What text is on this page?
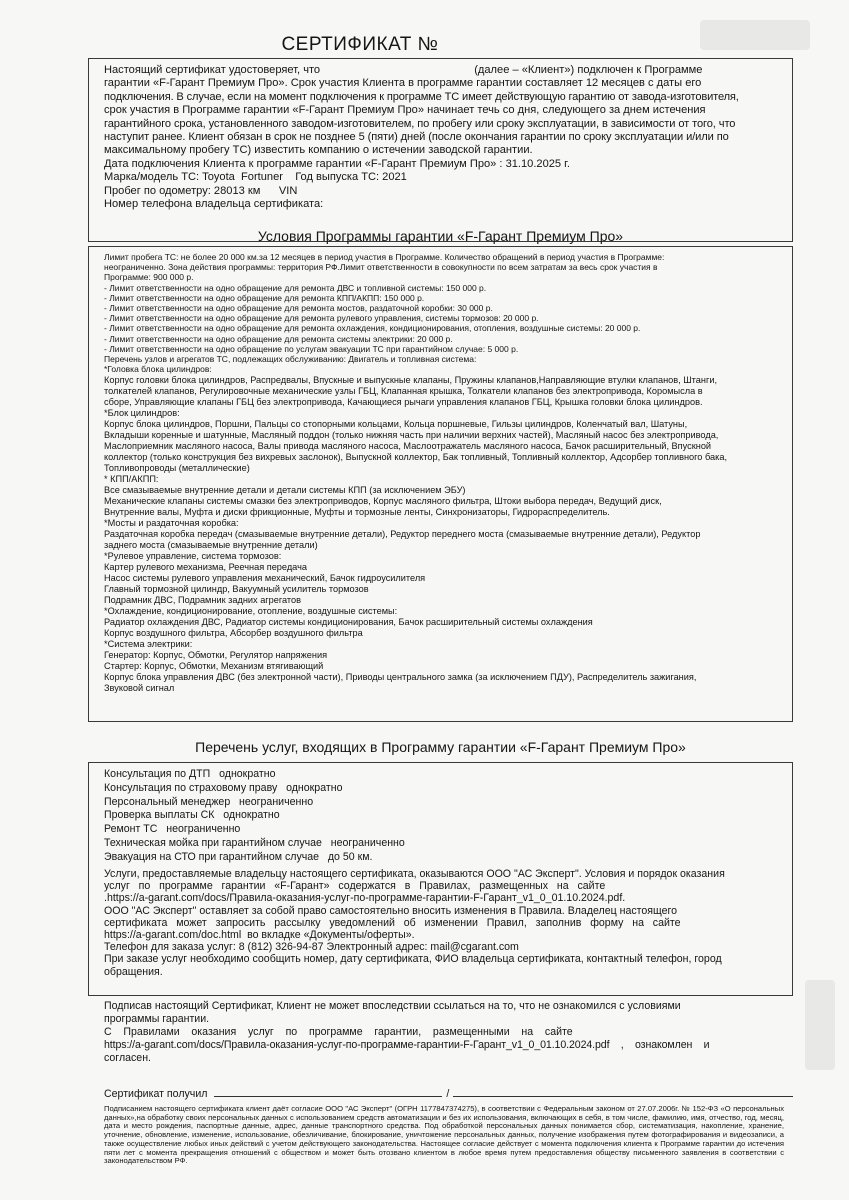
СЕРТИФИКАТ №
Настоящий сертификат удостоверяет, что                                                  (далее – «Клиент») подключен к Программе
гарантии «F-Гарант Премиум Про». Срок участия Клиента в программе гарантии составляет 12 месяцев с даты его
подключения. В случае, если на момент подключения к программе ТС имеет действующую гарантию от завода-изготовителя,
срок участия в Программе гарантии «F-Гарант Премиум Про» начинает течь со дня, следующего за днем истечения
гарантийного срока, установленного заводом-изготовителем, по пробегу или сроку эксплуатации, в зависимости от того, что
наступит ранее. Клиент обязан в срок не позднее 5 (пяти) дней (после окончания гарантии по сроку эксплуатации и/или по
максимальному пробегу ТС) известить компанию о истечении заводской гарантии.
Дата подключения Клиента к программе гарантии «F-Гарант Премиум Про» : 31.10.2025 г.
Марка/модель ТС: Toyota  Fortuner    Год выпуска ТС: 2021
Пробег по одометру: 28013 км      VIN
Номер телефона владельца сертификата:
Условия Программы гарантии «F-Гарант Премиум Про»
Лимит пробега ТС: не более 20 000 км.за 12 месяцев в период участия в Программе. Количество обращений в период участия в Программе:
неограниченно. Зона действия программы: территория РФ.Лимит ответственности в совокупности по всем затратам за весь срок участия в
Программе: 900 000 р.
- Лимит ответственности на одно обращение для ремонта ДВС и топливной системы: 150 000 р.
- Лимит ответственности на одно обращение для ремонта КПП/АКПП: 150 000 р.
- Лимит ответственности на одно обращение для ремонта мостов, раздаточной коробки: 30 000 р.
- Лимит ответственности на одно обращение для ремонта рулевого управления, системы тормозов: 20 000 р.
- Лимит ответственности на одно обращение для ремонта охлаждения, кондиционирования, отопления, воздушные системы: 20 000 р.
- Лимит ответственности на одно обращение для ремонта системы электрики: 20 000 р.
- Лимит ответственности на одно обращение по услугам эвакуации ТС при гарантийном случае: 5 000 р.
Перечень узлов и агрегатов ТС, подлежащих обслуживанию: Двигатель и топливная система:
*Головка блока цилиндров:
Корпус головки блока цилиндров, Распредвалы, Впускные и выпускные клапаны, Пружины клапанов,Направляющие втулки клапанов, Штанги,
толкателей клапанов, Регулировочные механические узлы ГБЦ, Клапанная крышка, Толкатели клапанов без электропривода, Коромысла в
сборе, Управляющие клапаны ГБЦ без электропривода, Качающиеся рычаги управления клапанов ГБЦ, Крышка головки блока цилиндров.
*Блок цилиндров:
Корпус блока цилиндров, Поршни, Пальцы со стопорными кольцами, Кольца поршневые, Гильзы цилиндров, Коленчатый вал, Шатуны,
Вкладыши коренные и шатунные, Масляный поддон (только нижняя часть при наличии верхних частей), Масляный насос без электропривода,
Маслоприемник масляного насоса, Валы привода масляного насоса, Маслоотражатель масляного насоса, Бачок расширительный, Впускной
коллектор (только конструкция без вихревых заслонок), Выпускной коллектор, Бак топливный, Топливный коллектор, Адсорбер топливного бака,
Топливопроводы (металлические)
* КПП/АКПП:
Все смазываемые внутренние детали и детали системы КПП (за исключением ЭБУ)
Механические клапаны системы смазки без электроприводов, Корпус масляного фильтра, Штоки выбора передач, Ведущий диск,
Внутренние валы, Муфта и диски фрикционные, Муфты и тормозные ленты, Синхронизаторы, Гидрораспределитель.
*Мосты и раздаточная коробка:
Раздаточная коробка передач (смазываемые внутренние детали), Редуктор переднего моста (смазываемые внутренние детали), Редуктор
заднего моста (смазываемые внутренние детали)
*Рулевое управление, система тормозов:
Картер рулевого механизма, Реечная передача
Насос системы рулевого управления механический, Бачок гидроусилителя
Главный тормозной цилиндр, Вакуумный усилитель тормозов
Подрамник ДВС, Подрамник задних агрегатов
*Охлаждение, кондиционирование, отопление, воздушные системы:
Радиатор охлаждения ДВС, Радиатор системы кондиционирования, Бачок расширительный системы охлаждения
Корпус воздушного фильтра, Абсорбер воздушного фильтра
*Система электрики:
Генератор: Корпус, Обмотки, Регулятор напряжения
Стартер: Корпус, Обмотки, Механизм втягивающий
Корпус блока управления ДВС (без электронной части), Приводы центрального замка (за исключением ПДУ), Распределитель зажигания,
Звуковой сигнал
Перечень услуг, входящих в Программу гарантии «F-Гарант Премиум Про»
Консультация по ДТП   однократно
Консультация по страховому праву   однократно
Персональный менеджер   неограниченно
Проверка выплаты СК   однократно
Ремонт ТС   неограниченно
Техническая мойка при гарантийном случае   неограниченно
Эвакуация на СТО при гарантийном случае   до 50 км.
Услуги, предоставляемые владельцу настоящего сертификата, оказываются ООО "АС Эксперт". Условия и порядок оказания
услуг   по   программе   гарантии   «F-Гарант»   содержатся   в   Правилах,   размещенных   на   сайте
.https://a-garant.com/docs/Правила-оказания-услуг-по-программе-гарантии-F-Гарант_v1_0_01.10.2024.pdf.
ООО "АС Эксперт" оставляет за собой право самостоятельно вносить изменения в Правила. Владелец настоящего
сертификата   может   запросить   рассылку   уведомлений   об   изменении   Правил,   заполнив   форму   на   сайте
https://a-garant.com/doc.html  во вкладке «Документы/оферты».
Телефон для заказа услуг: 8 (812) 326-94-87 Электронный адрес: mail@cgarant.com
При заказе услуг необходимо сообщить номер, дату сертификата, ФИО владельца сертификата, контактный телефон, город
обращения.
Подписав настоящий Сертификат, Клиент не может впоследствии ссылаться на то, что не ознакомился с условиями
программы гарантии.
С    Правилами    оказания    услуг    по    программе    гарантии,    размещенными    на    сайте
https://a-garant.com/docs/Правила-оказания-услуг-по-программе-гарантии-F-Гарант_v1_0_01.10.2024.pdf    ,    ознакомлен    и
согласен.
Сертификат получил	/
Подписанием настоящего сертификата клиент даёт согласие ООО "АС Эксперт" (ОГРН 1177847374275), в соответствии с Федеральным законом от 27.07.2006г. № 152-ФЗ «О персональных данных»,на обработку своих персональных данных с использованием средств автоматизации и без их использования, включающих в себя, в том числе, фамилию, имя, отчество, год, месяц, дата и место рождения, паспортные данные, адрес, данные транспортного средства. Под обработкой персональных данных понимается сбор, систематизация, накопление, хранение, уточнение, обновление, изменение, использование, обезличивание, блокирование, уничтожение персональных данных, получение изображения путем фотографирования и видеозаписи, а также осуществление любых иных действий с учетом действующего законодательства. Настоящее согласие действует с момента подключения клиента к Программе гарантии до истечения пяти лет с момента прекращения отношений с обществом и может быть отозвано клиентом в любое время путем предоставления обществу письменного заявления в соответствии с законодательством РФ.
